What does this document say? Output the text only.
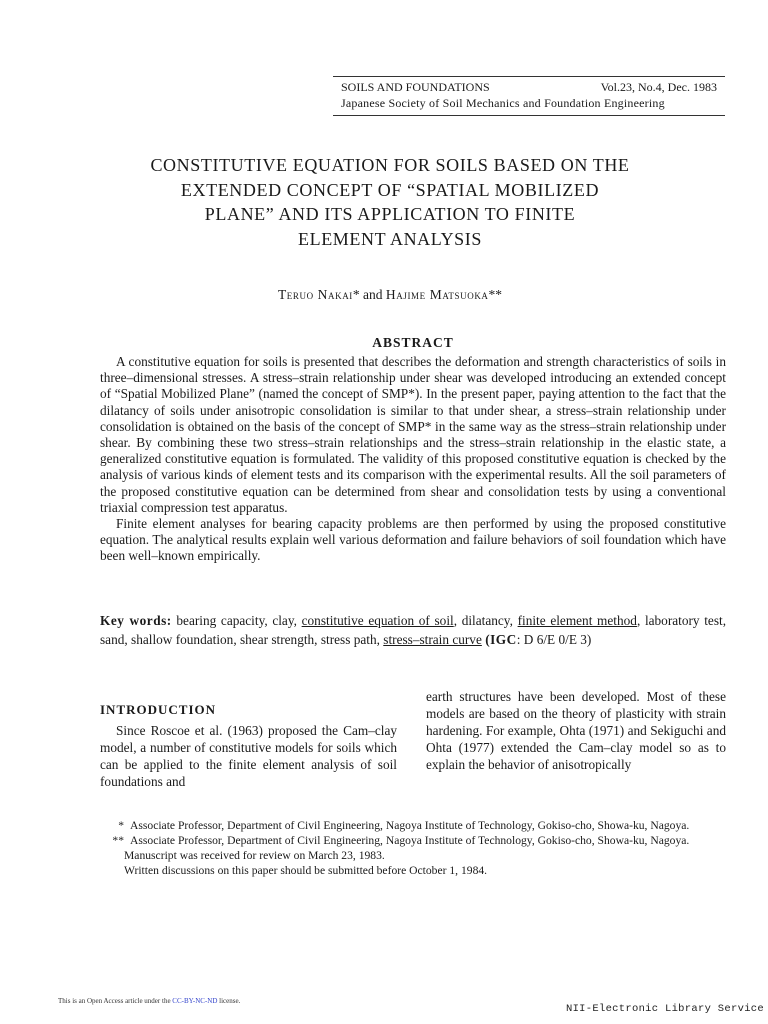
SOILS AND FOUNDATIONS	Vol.23, No.4, Dec. 1983
Japanese Society of Soil Mechanics and Foundation Engineering
CONSTITUTIVE EQUATION FOR SOILS BASED ON THE
EXTENDED CONCEPT OF “SPATIAL MOBILIZED
PLANE” AND ITS APPLICATION TO FINITE
ELEMENT ANALYSIS
Teruo Nakai* and Hajime Matsuoka**
ABSTRACT

A constitutive equation for soils is presented that describes the deformation and strength characteristics of soils in three–dimensional stresses. A stress–strain relationship under shear was developed introducing an extended concept of “Spatial Mobilized Plane” (named the concept of SMP*). In the present paper, paying attention to the fact that the dilatancy of soils under anisotropic consolidation is similar to that under shear, a stress–strain relationship under consolidation is obtained on the basis of the concept of SMP* in the same way as the stress–strain relationship under shear. By combining these two stress–strain relationships and the stress–strain relationship in the elastic state, a generalized constitutive equation is formulated. The validity of this proposed constitutive equation is checked by the analysis of various kinds of element tests and its comparison with the experimental results. All the soil parameters of the proposed constitutive equation can be determined from shear and consolidation tests by using a conventional triaxial compression test apparatus.

Finite element analyses for bearing capacity problems are then performed by using the proposed constitutive equation. The analytical results explain well various deformation and failure behaviors of soil foundation which have been well–known empirically.

Key words: bearing capacity, clay, constitutive equation of soil, dilatancy, finite element method, laboratory test, sand, shallow foundation, shear strength, stress path, stress–strain curve (IGC: D 6/E 0/E 3)
INTRODUCTION

Since Roscoe et al. (1963) proposed the Cam–clay model, a number of constitutive models for soils which can be applied to the finite element analysis of soil foundations and

earth structures have been developed. Most of these models are based on the theory of plasticity with strain hardening. For example, Ohta (1971) and Sekiguchi and Ohta (1977) extended the Cam–clay model so as to explain the behavior of anisotropically

* Associate Professor, Department of Civil Engineering, Nagoya Institute of Technology, Gokiso-cho, Showa-ku, Nagoya.
** Associate Professor, Department of Civil Engineering, Nagoya Institute of Technology, Gokiso-cho, Showa-ku, Nagoya.
Manuscript was received for review on March 23, 1983.
Written discussions on this paper should be submitted before October 1, 1984.
This is an Open Access article under the CC-BY-NC-ND license.
NII-Electronic Library Service
